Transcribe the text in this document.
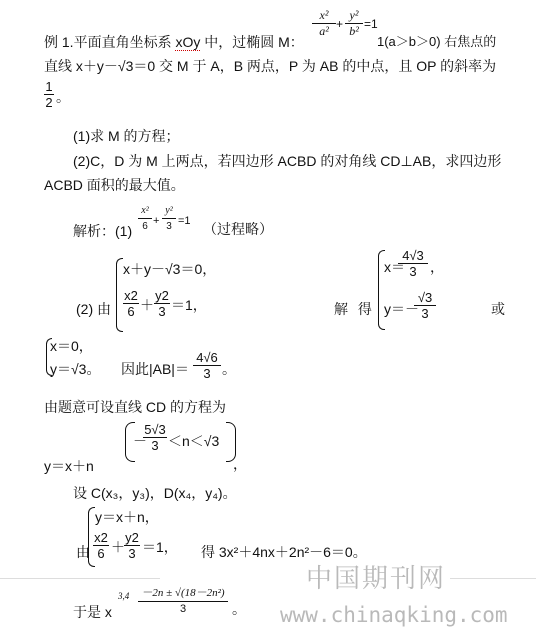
例 1.平面直角坐标系 xOy 中，过椭圆 M：
x²
a² +
y²
b² =1
1(a＞b＞0) 右焦点的
直线 x＋y－√3＝0 交 M 于 A，B 两点，P 为 AB 的中点，且 OP 的斜率为
1
2 。
(1)求 M 的方程；
(2)C，D 为 M 上两点，若四边形 ACBD 的对角线 CD⊥AB，求四边形
ACBD 面积的最大值。
解析：(1)
x²
6 +
y²
3 =1 （过程略）
(2) 由
x＋y－√3＝0，
x2
6 ＋
y2
3 ＝1，	解 得
x＝
4√3
3 ，
y＝－
√3
3	或
x＝0，
y＝√3。 因此|AB|＝
4√6
3 。
由题意可设直线 CD 的方程为
y＝x＋n
－
5√3
3 ＜n＜√3
，
设 C(x₃，y₃)，D(x₄，y₄)。
由
y＝x＋n，
x2
6 ＋
y2
3 ＝1， 得 3x²＋4nx＋2n²－6＝0。
于是 x
3,4	－2n ± √(18－2n²)
3	。
中国期刊网
www.chinaqking.com
